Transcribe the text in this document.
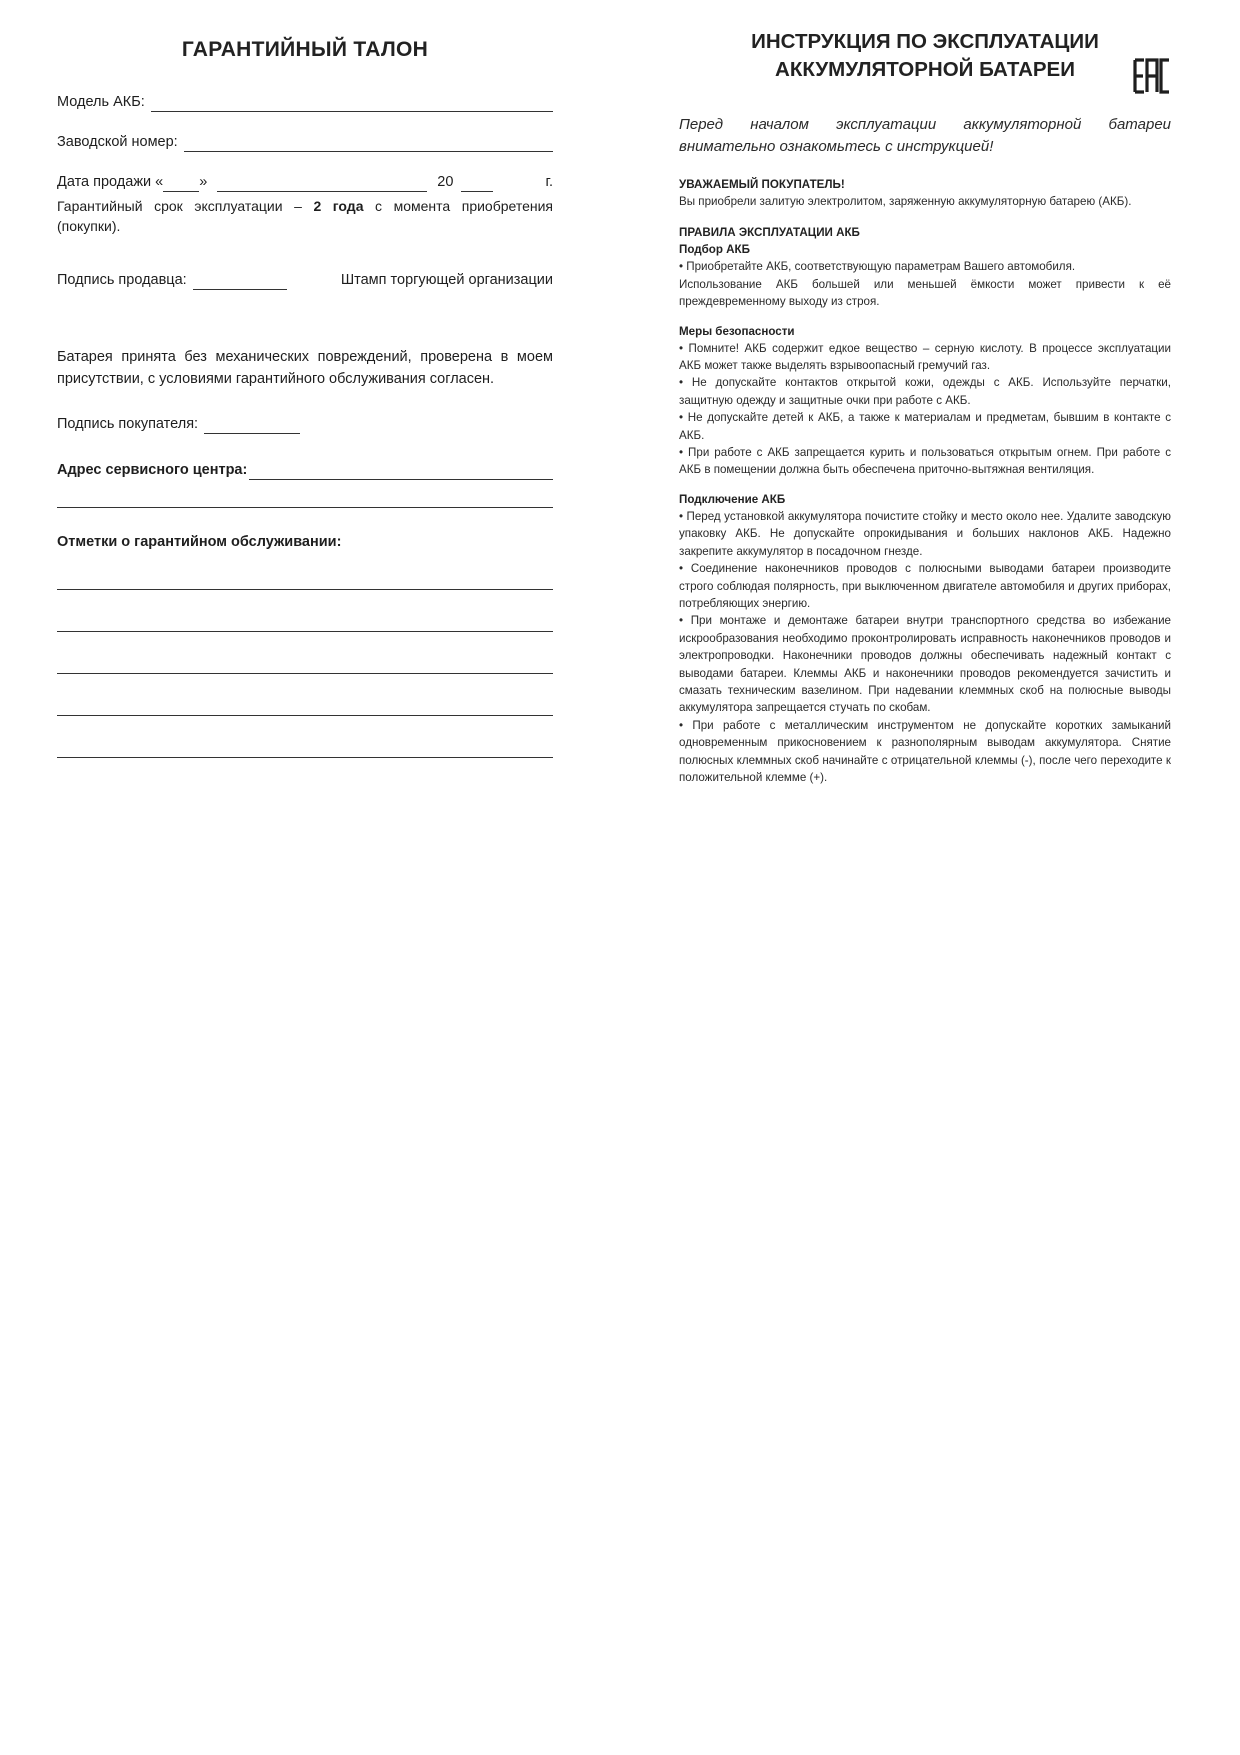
ГАРАНТИЙНЫЙ ТАЛОН
Модель АКБ:
Заводской номер:
Дата продажи « »	20	г.
Гарантийный срок эксплуатации – 2 года с момента приобретения (покупки).
Подпись продавца:	Штамп торгующей организации
Батарея принята без механических повреждений, проверена в моем присутствии, с условиями гарантийного обслуживания согласен.
Подпись покупателя:
Адрес сервисного центра:
Отметки о гарантийном обслуживании:
ИНСТРУКЦИЯ ПО ЭКСПЛУАТАЦИИ
АККУМУЛЯТОРНОЙ БАТАРЕИ
Перед началом эксплуатации аккумуляторной батареи внимательно ознакомьтесь с инструкцией!
УВАЖАЕМЫЙ ПОКУПАТЕЛЬ!
Вы приобрели залитую электролитом, заряженную аккумуляторную батарею (АКБ).
ПРАВИЛА ЭКСПЛУАТАЦИИ АКБ
Подбор АКБ
• Приобретайте АКБ, соответствующую параметрам Вашего автомобиля.
Использование АКБ большей или меньшей ёмкости может привести к её преждевременному выходу из строя.
Меры безопасности
• Помните! АКБ содержит едкое вещество – серную кислоту. В процессе эксплуатации АКБ может также выделять взрывоопасный гремучий газ.
• Не допускайте контактов открытой кожи, одежды с АКБ. Используйте перчатки, защитную одежду и защитные очки при работе с АКБ.
• Не допускайте детей к АКБ, а также к материалам и предметам, бывшим в контакте с АКБ.
• При работе с АКБ запрещается курить и пользоваться открытым огнем. При работе с АКБ в помещении должна быть обеспечена приточно-вытяжная вентиляция.
Подключение АКБ
• Перед установкой аккумулятора почистите стойку и место около нее. Удалите заводскую упаковку АКБ. Не допускайте опрокидывания и больших наклонов АКБ. Надежно закрепите аккумулятор в посадочном гнезде.
• Соединение наконечников проводов с полюсными выводами батареи производите строго соблюдая полярность, при выключенном двигателе автомобиля и других приборах, потребляющих энергию.
• При монтаже и демонтаже батареи внутри транспортного средства во избежание искрообразования необходимо проконтролировать исправность наконечников проводов и электропроводки. Наконечники проводов должны обеспечивать надежный контакт с выводами батареи. Клеммы АКБ и наконечники проводов рекомендуется зачистить и смазать техническим вазелином. При надевании клеммных скоб на полюсные выводы аккумулятора запрещается стучать по скобам.
• При работе с металлическим инструментом не допускайте коротких замыканий одновременным прикосновением к разнополярным выводам аккумулятора. Снятие полюсных клеммных скоб начинайте с отрицательной клеммы (-), после чего переходите к положительной клемме (+).
